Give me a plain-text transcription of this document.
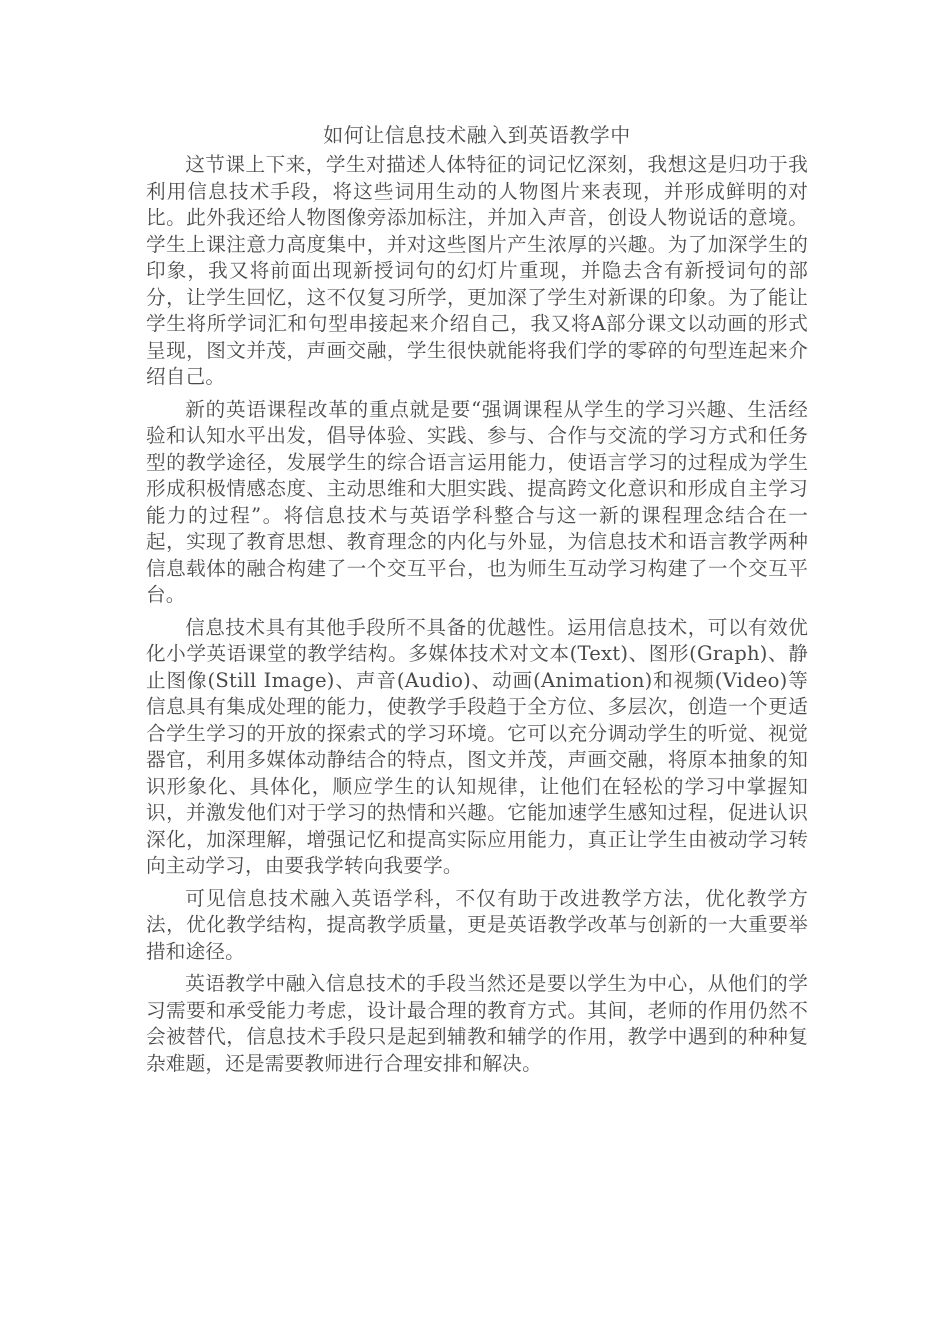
如何让信息技术融入到英语教学中

这节课上下来，学生对描述人体特征的词记忆深刻，我想这是归功于我利用信息技术手段，将这些词用生动的人物图片来表现，并形成鲜明的对比。此外我还给人物图像旁添加标注，并加入声音，创设人物说话的意境。学生上课注意力高度集中，并对这些图片产生浓厚的兴趣。为了加深学生的印象，我又将前面出现新授词句的幻灯片重现，并隐去含有新授词句的部分，让学生回忆，这不仅复习所学，更加深了学生对新课的印象。为了能让学生将所学词汇和句型串接起来介绍自己，我又将A部分课文以动画的形式呈现，图文并茂，声画交融，学生很快就能将我们学的零碎的句型连起来介绍自己。

新的英语课程改革的重点就是要“强调课程从学生的学习兴趣、生活经验和认知水平出发，倡导体验、实践、参与、合作与交流的学习方式和任务型的教学途径，发展学生的综合语言运用能力，使语言学习的过程成为学生形成积极情感态度、主动思维和大胆实践、提高跨文化意识和形成自主学习能力的过程”。将信息技术与英语学科整合与这一新的课程理念结合在一起，实现了教育思想、教育理念的内化与外显，为信息技术和语言教学两种信息载体的融合构建了一个交互平台，也为师生互动学习构建了一个交互平台。

信息技术具有其他手段所不具备的优越性。运用信息技术，可以有效优化小学英语课堂的教学结构。多媒体技术对文本(Text)、图形(Graph)、静止图像(Still Image)、声音(Audio)、动画(Animation)和视频(Video)等信息具有集成处理的能力，使教学手段趋于全方位、多层次，创造一个更适合学生学习的开放的探索式的学习环境。它可以充分调动学生的听觉、视觉器官，利用多媒体动静结合的特点，图文并茂，声画交融，将原本抽象的知识形象化、具体化，顺应学生的认知规律，让他们在轻松的学习中掌握知识，并激发他们对于学习的热情和兴趣。它能加速学生感知过程，促进认识深化，加深理解，增强记忆和提高实际应用能力，真正让学生由被动学习转向主动学习，由要我学转向我要学。

可见信息技术融入英语学科，不仅有助于改进教学方法，优化教学方法，优化教学结构，提高教学质量，更是英语教学改革与创新的一大重要举措和途径。

英语教学中融入信息技术的手段当然还是要以学生为中心，从他们的学习需要和承受能力考虑，设计最合理的教育方式。其间，老师的作用仍然不会被替代，信息技术手段只是起到辅教和辅学的作用，教学中遇到的种种复杂难题，还是需要教师进行合理安排和解决。
